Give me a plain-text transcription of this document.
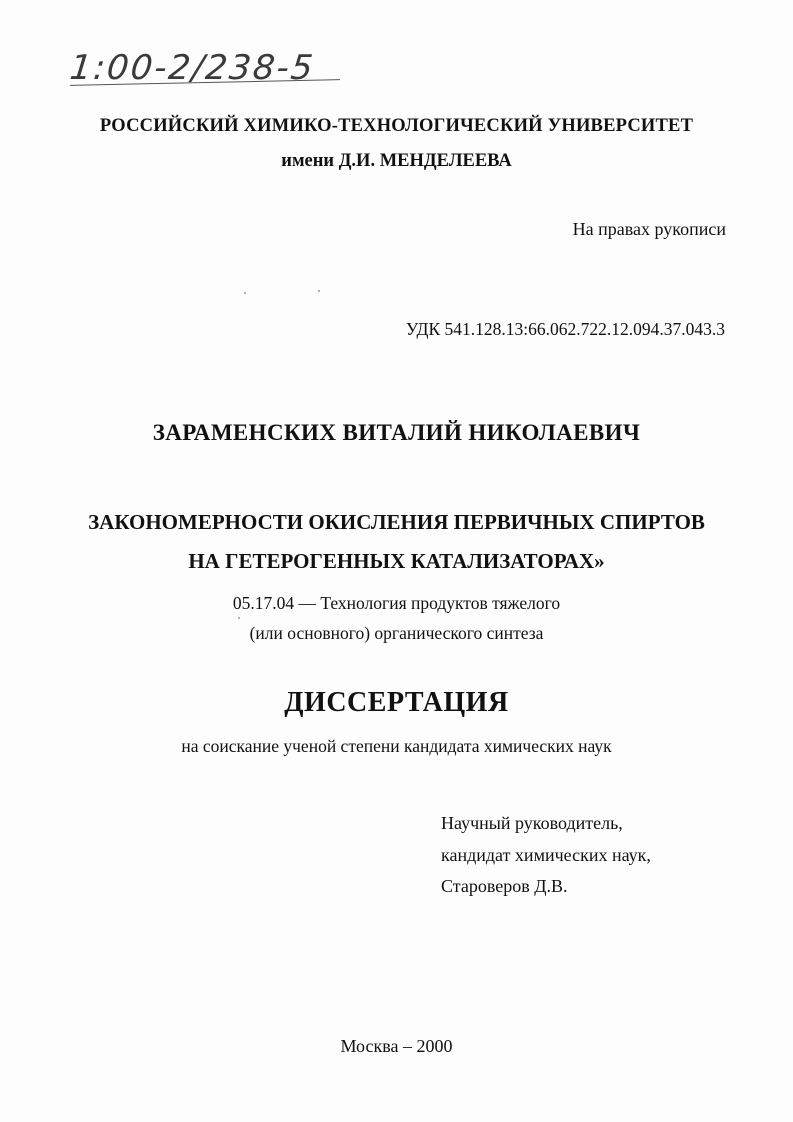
1:00-2/238-5
РОССИЙСКИЙ ХИМИКО-ТЕХНОЛОГИЧЕСКИЙ УНИВЕРСИТЕТ
имени Д.И. МЕНДЕЛЕЕВА
На правах рукописи
УДК 541.128.13:66.062.722.12.094.37.043.3
ЗАРАМЕНСКИХ ВИТАЛИЙ НИКОЛАЕВИЧ
ЗАКОНОМЕРНОСТИ ОКИСЛЕНИЯ ПЕРВИЧНЫХ СПИРТОВ
НА ГЕТЕРОГЕННЫХ КАТАЛИЗАТОРАХ»
05.17.04 — Технология продуктов тяжелого
(или основного) органического синтеза
ДИССЕРТАЦИЯ
на соискание ученой степени кандидата химических наук
Научный руководитель,
кандидат химических наук,
Староверов Д.В.
Москва – 2000
